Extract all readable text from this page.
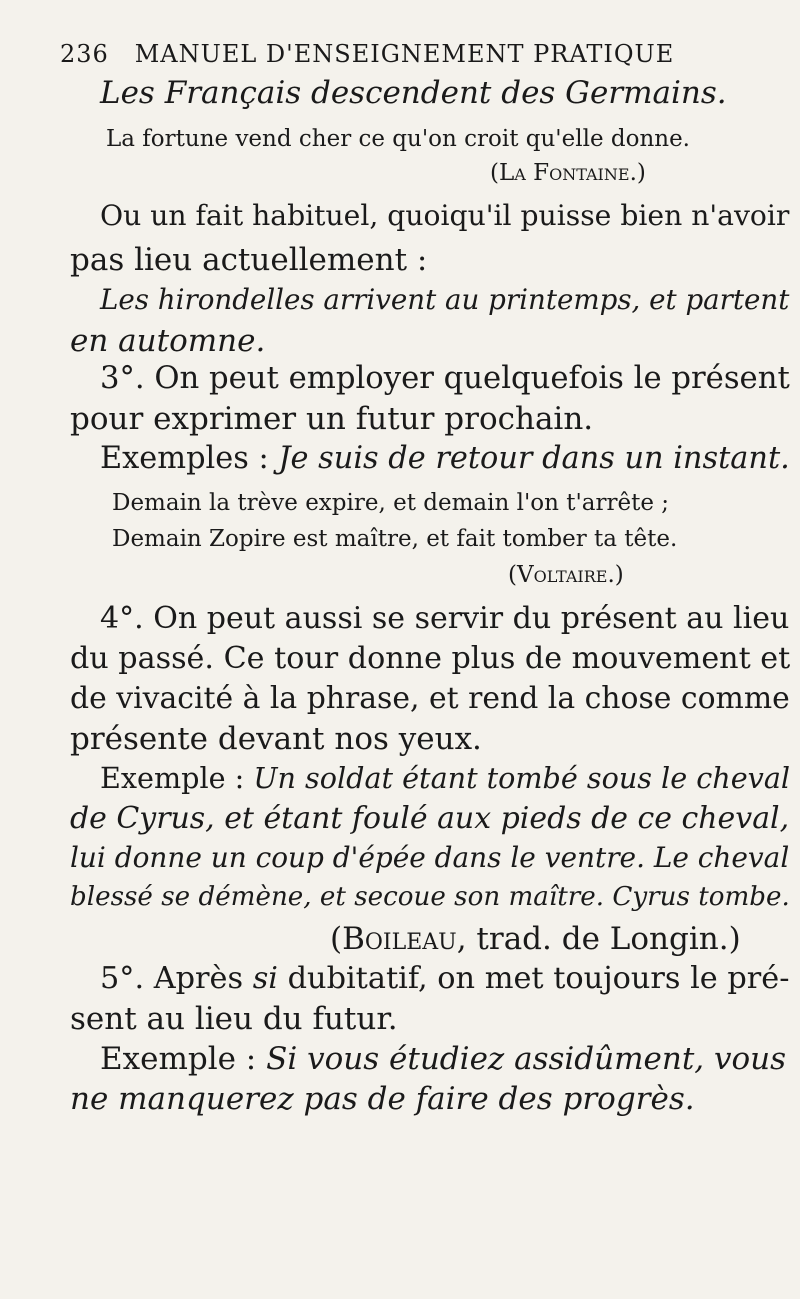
236 MANUEL D'ENSEIGNEMENT PRATIQUE
Les Français descendent des Germains.
La fortune vend cher ce qu'on croit qu'elle donne.
(La Fontaine.)
Ou un fait habituel, quoiqu'il puisse bien n'avoir
pas lieu actuellement :
Les hirondelles arrivent au printemps, et partent
en automne.
3°. On peut employer quelquefois le présent
pour exprimer un futur prochain.
Exemples : Je suis de retour dans un instant.
Demain la trève expire, et demain l'on t'arrête ;
Demain Zopire est maître, et fait tomber ta tête.
(Voltaire.)
4°. On peut aussi se servir du présent au lieu
du passé. Ce tour donne plus de mouvement et
de vivacité à la phrase, et rend la chose comme
présente devant nos yeux.
Exemple : Un soldat étant tombé sous le cheval
de Cyrus, et étant foulé aux pieds de ce cheval,
lui donne un coup d'épée dans le ventre. Le cheval
blessé se démène, et secoue son maître. Cyrus tombe.
(Boileau, trad. de Longin.)
5°. Après si dubitatif, on met toujours le pré-
sent au lieu du futur.
Exemple : Si vous étudiez assidûment, vous
ne manquerez pas de faire des progrès.
